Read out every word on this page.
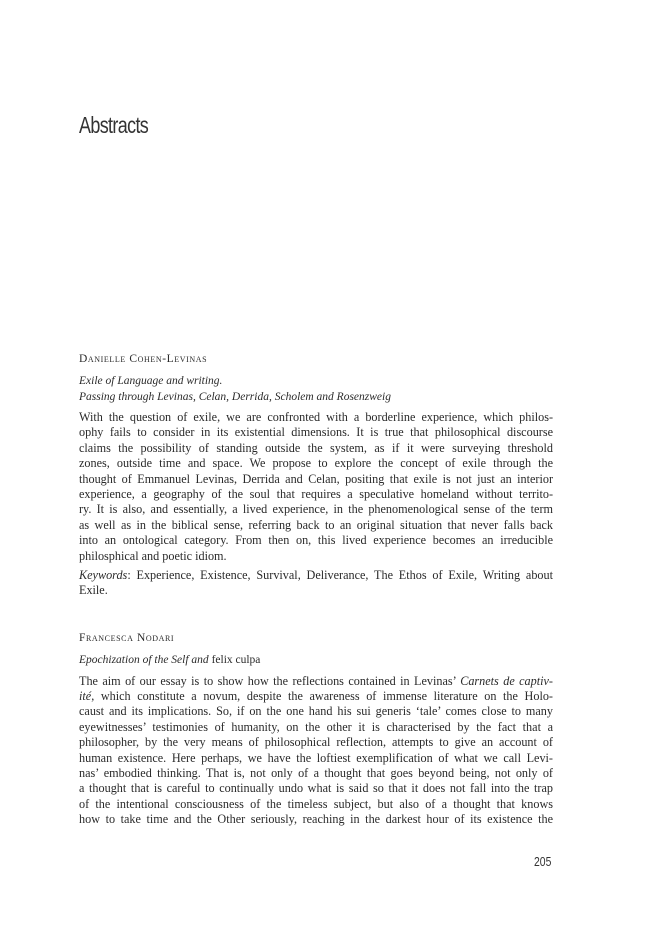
Abstracts
Danielle Cohen-Levinas
Exile of Language and writing.
Passing through Levinas, Celan, Derrida, Scholem and Rosenzweig
With the question of exile, we are confronted with a borderline experience, which philos-
ophy fails to consider in its existential dimensions. It is true that philosophical discourse
claims the possibility of standing outside the system, as if it were surveying threshold
zones, outside time and space. We propose to explore the concept of exile through the
thought of Emmanuel Levinas, Derrida and Celan, positing that exile is not just an interior
experience, a geography of the soul that requires a speculative homeland without territo-
ry. It is also, and essentially, a lived experience, in the phenomenological sense of the term
as well as in the biblical sense, referring back to an original situation that never falls back
into an ontological category. From then on, this lived experience becomes an irreducible
philosphical and poetic idiom.
Keywords: Experience, Existence, Survival, Deliverance, The Ethos of Exile, Writing about
Exile.
Francesca Nodari
Epochization of the Self and felix culpa
The aim of our essay is to show how the reflections contained in Levinas’ Carnets de captiv-
ité, which constitute a novum, despite the awareness of immense literature on the Holo-
caust and its implications. So, if on the one hand his sui generis ‘tale’ comes close to many
eyewitnesses’ testimonies of humanity, on the other it is characterised by the fact that a
philosopher, by the very means of philosophical reflection, attempts to give an account of
human existence. Here perhaps, we have the loftiest exemplification of what we call Levi-
nas’ embodied thinking. That is, not only of a thought that goes beyond being, not only of
a thought that is careful to continually undo what is said so that it does not fall into the trap
of the intentional consciousness of the timeless subject, but also of a thought that knows
how to take time and the Other seriously, reaching in the darkest hour of its existence the
205
